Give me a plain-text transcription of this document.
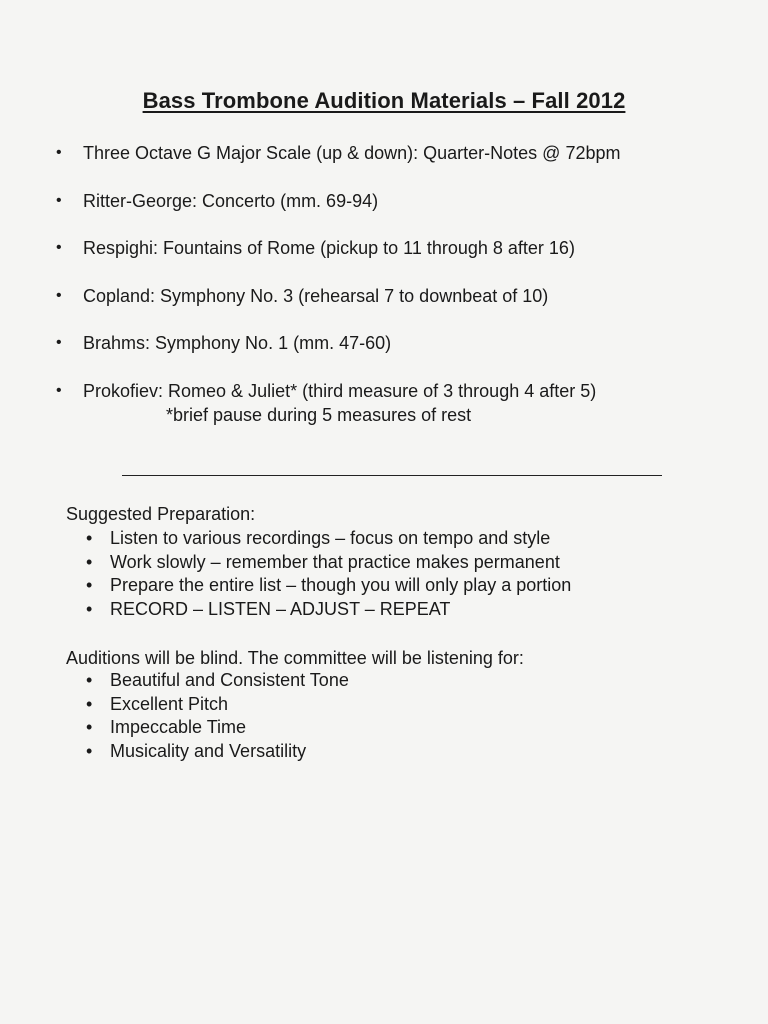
Bass Trombone Audition Materials – Fall 2012
• Three Octave G Major Scale (up & down): Quarter-Notes @ 72bpm
• Ritter-George: Concerto (mm. 69-94)
• Respighi: Fountains of Rome (pickup to 11 through 8 after 16)
• Copland: Symphony No. 3 (rehearsal 7 to downbeat of 10)
• Brahms: Symphony No. 1 (mm. 47-60)
• Prokofiev: Romeo & Juliet* (third measure of 3 through 4 after 5)
*brief pause during 5 measures of rest
Suggested Preparation:
• Listen to various recordings – focus on tempo and style
• Work slowly – remember that practice makes permanent
• Prepare the entire list – though you will only play a portion
• RECORD – LISTEN – ADJUST – REPEAT
Auditions will be blind. The committee will be listening for:
• Beautiful and Consistent Tone
• Excellent Pitch
• Impeccable Time
• Musicality and Versatility
